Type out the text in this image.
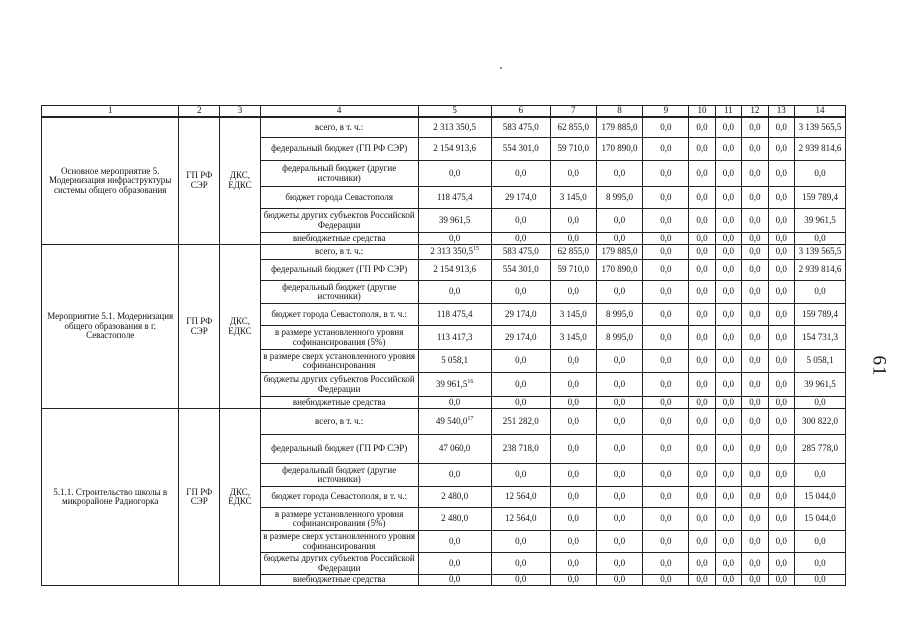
61
1	2	3	4	5	6	7	8	9	10	11	12	13	14
Основное мероприятие 5. Модернизация инфраструктуры системы общего образования	ГП РФ СЭР	ДКС, ЕДКС	всего, в т. ч.:	2 313 350,5	583 475,0	62 855,0	179 885,0	0,0	0,0	0,0	0,0	0,0	3 139 565,5
			федеральный бюджет (ГП РФ СЭР)	2 154 913,6	554 301,0	59 710,0	170 890,0	0,0	0,0	0,0	0,0	0,0	2 939 814,6
			федеральный бюджет (другие источники)	0,0	0,0	0,0	0,0	0,0	0,0	0,0	0,0	0,0	0,0
			бюджет города Севастополя	118 475,4	29 174,0	3 145,0	8 995,0	0,0	0,0	0,0	0,0	0,0	159 789,4
			бюджеты других субъектов Российской Федерации	39 961,5	0,0	0,0	0,0	0,0	0,0	0,0	0,0	0,0	39 961,5
			внебюджетные средства	0,0	0,0	0,0	0,0	0,0	0,0	0,0	0,0	0,0	0,0
Мероприятие 5.1. Модернизация общего образования в г. Севастополе	ГП РФ СЭР	ДКС, ЕДКС	всего, в т. ч.:	2 313 350,5$^{15}$	583 475,0	62 855,0	179 885,0	0,0	0,0	0,0	0,0	0,0	3 139 565,5
			федеральный бюджет (ГП РФ СЭР)	2 154 913,6	554 301,0	59 710,0	170 890,0	0,0	0,0	0,0	0,0	0,0	2 939 814,6
			федеральный бюджет (другие источники)	0,0	0,0	0,0	0,0	0,0	0,0	0,0	0,0	0,0	0,0
			бюджет города Севастополя, в т. ч.:	118 475,4	29 174,0	3 145,0	8 995,0	0,0	0,0	0,0	0,0	0,0	159 789,4
			в размере установленного уровня софинансирования (5%)	113 417,3	29 174,0	3 145,0	8 995,0	0,0	0,0	0,0	0,0	0,0	154 731,3
			в размере сверх установленного уровня софинансирования	5 058,1	0,0	0,0	0,0	0,0	0,0	0,0	0,0	0,0	5 058,1
			бюджеты других субъектов Российской Федерации	39 961,5$^{16}$	0,0	0,0	0,0	0,0	0,0	0,0	0,0	0,0	39 961,5
			внебюджетные средства	0,0	0,0	0,0	0,0	0,0	0,0	0,0	0,0	0,0	0,0
5.1.1. Строительство школы в микрорайоне Радиогорка	ГП РФ СЭР	ДКС, ЕДКС	всего, в т. ч.:	49 540,0$^{17}$	251 282,0	0,0	0,0	0,0	0,0	0,0	0,0	0,0	300 822,0
			федеральный бюджет (ГП РФ СЭР)	47 060,0	238 718,0	0,0	0,0	0,0	0,0	0,0	0,0	0,0	285 778,0
			федеральный бюджет (другие источники)	0,0	0,0	0,0	0,0	0,0	0,0	0,0	0,0	0,0	0,0
			бюджет города Севастополя, в т. ч.:	2 480,0	12 564,0	0,0	0,0	0,0	0,0	0,0	0,0	0,0	15 044,0
			в размере установленного уровня софинансирования (5%)	2 480,0	12 564,0	0,0	0,0	0,0	0,0	0,0	0,0	0,0	15 044,0
			в размере сверх установленного уровня софинансирования	0,0	0,0	0,0	0,0	0,0	0,0	0,0	0,0	0,0	0,0
			бюджеты других субъектов Российской Федерации	0,0	0,0	0,0	0,0	0,0	0,0	0,0	0,0	0,0	0,0
			внебюджетные средства	0,0	0,0	0,0	0,0	0,0	0,0	0,0	0,0	0,0	0,0
